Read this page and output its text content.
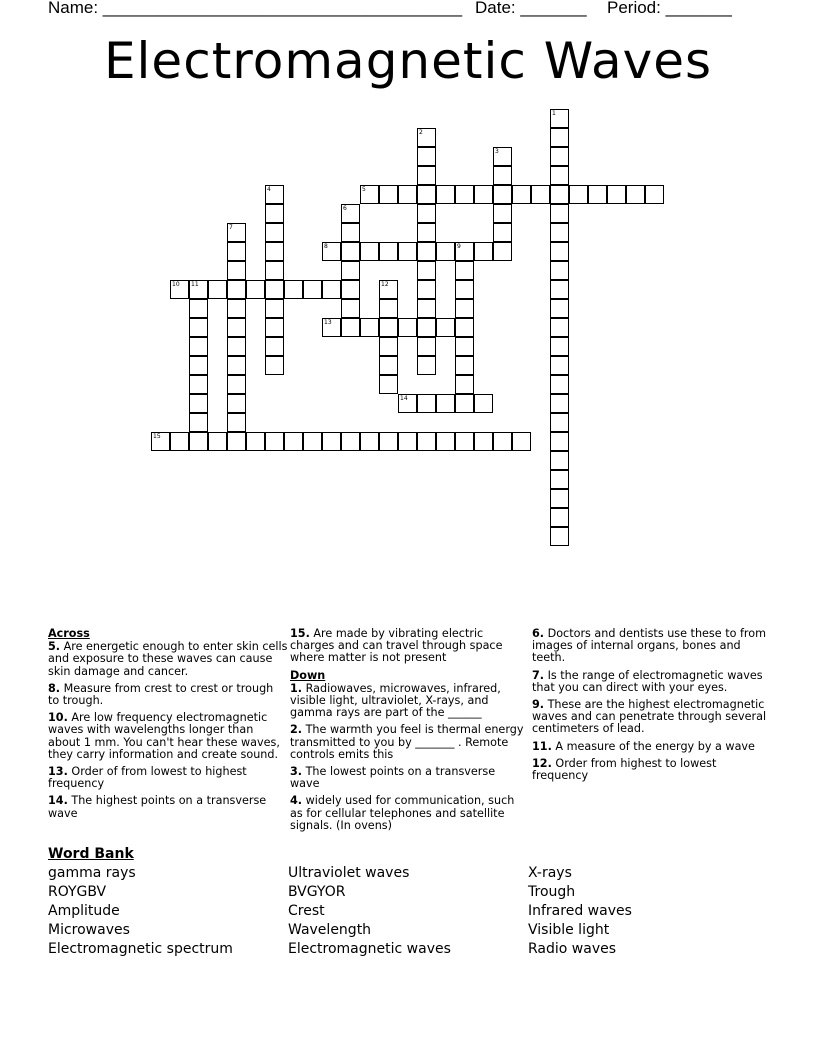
Name: ______________________________________ Date: _______ Period: _______
Electromagnetic Waves
1
2
3
4	5
6
7
8	9
10 11	12
13
14
15
Across
5. Are energetic enough to enter skin cells and exposure to these waves can cause skin damage and cancer.
8. Measure from crest to crest or trough to trough.
10. Are low frequency electromagnetic waves with wavelengths longer than about 1 mm. You can't hear these waves, they carry information and create sound.
13. Order of from lowest to highest frequency
14. The highest points on a transverse wave
15. Are made by vibrating electric charges and can travel through space where matter is not present
Down
1. Radiowaves, microwaves, infrared, visible light, ultraviolet, X-rays, and gamma rays are part of the ______
2. The warmth you feel is thermal energy transmitted to you by _______ . Remote controls emits this
3. The lowest points on a transverse wave
4. widely used for communication, such as for cellular telephones and satellite signals. (In ovens)
6. Doctors and dentists use these to from images of internal organs, bones and teeth.
7. Is the range of electromagnetic waves that you can direct with your eyes.
9. These are the highest electromagnetic waves and can penetrate through several centimeters of lead.
11. A measure of the energy by a wave
12. Order from highest to lowest frequency
Word Bank
gamma rays
ROYGBV
Amplitude
Microwaves
Electromagnetic spectrum
Ultraviolet waves
BVGYOR
Crest
Wavelength
Electromagnetic waves
X-rays
Trough
Infrared waves
Visible light
Radio waves
